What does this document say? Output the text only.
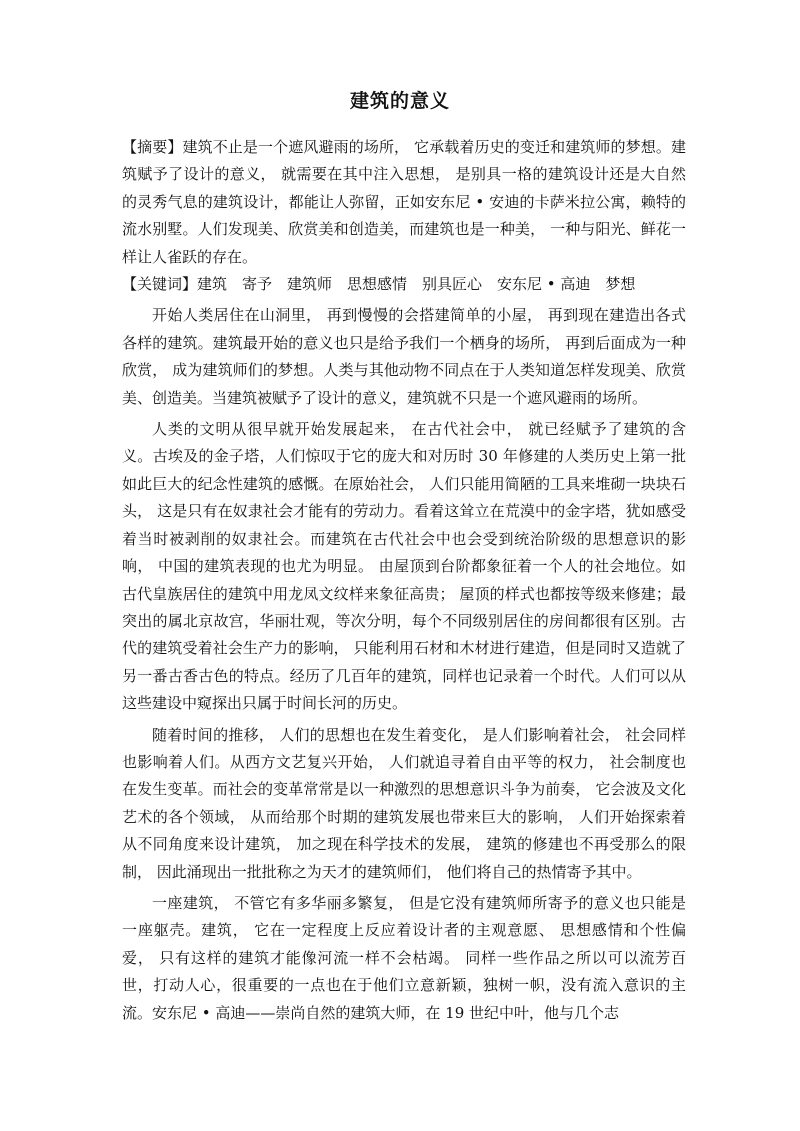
建筑的意义

【摘要】建筑不止是一个遮风避雨的场所， 它承载着历史的变迁和建筑师的梦想。建筑赋予了设计的意义， 就需要在其中注入思想， 是别具一格的建筑设计还是大自然的灵秀气息的建筑设计，都能让人弥留，正如安东尼 • 安迪的卡萨米拉公寓，赖特的流水别墅。人们发现美、欣赏美和创造美，而建筑也是一种美， 一种与阳光、鲜花一样让人雀跃的存在。

【关键词】建筑　寄予　建筑师　思想感情　别具匠心　安东尼 • 高迪　梦想

开始人类居住在山洞里， 再到慢慢的会搭建简单的小屋， 再到现在建造出各式各样的建筑。建筑最开始的意义也只是给予我们一个栖身的场所， 再到后面成为一种欣赏， 成为建筑师们的梦想。人类与其他动物不同点在于人类知道怎样发现美、欣赏美、创造美。当建筑被赋予了设计的意义，建筑就不只是一个遮风避雨的场所。

人类的文明从很早就开始发展起来， 在古代社会中， 就已经赋予了建筑的含义。古埃及的金子塔，人们惊叹于它的庞大和对历时 30 年修建的人类历史上第一批如此巨大的纪念性建筑的感慨。在原始社会， 人们只能用简陋的工具来堆砌一块块石头， 这是只有在奴隶社会才能有的劳动力。看着这耸立在荒漠中的金字塔，犹如感受着当时被剥削的奴隶社会。而建筑在古代社会中也会受到统治阶级的思想意识的影响， 中国的建筑表现的也尤为明显。 由屋顶到台阶都象征着一个人的社会地位。如古代皇族居住的建筑中用龙凤文纹样来象征高贵； 屋顶的样式也都按等级来修建；最突出的属北京故宫，华丽壮观，等次分明，每个不同级别居住的房间都很有区别。古代的建筑受着社会生产力的影响， 只能利用石材和木材进行建造，但是同时又造就了另一番古香古色的特点。经历了几百年的建筑，同样也记录着一个时代。人们可以从这些建设中窥探出只属于时间长河的历史。

随着时间的推移， 人们的思想也在发生着变化， 是人们影响着社会， 社会同样也影响着人们。从西方文艺复兴开始， 人们就追寻着自由平等的权力， 社会制度也在发生变革。而社会的变革常常是以一种激烈的思想意识斗争为前奏， 它会波及文化艺术的各个领域， 从而给那个时期的建筑发展也带来巨大的影响， 人们开始探索着从不同角度来设计建筑， 加之现在科学技术的发展， 建筑的修建也不再受那么的限制， 因此涌现出一批批称之为天才的建筑师们， 他们将自己的热情寄予其中。

一座建筑， 不管它有多华丽多繁复， 但是它没有建筑师所寄予的意义也只能是一座躯壳。建筑， 它在一定程度上反应着设计者的主观意愿、 思想感情和个性偏爱， 只有这样的建筑才能像河流一样不会枯竭。 同样一些作品之所以可以流芳百世，打动人心，很重要的一点也在于他们立意新颖，独树一帜，没有流入意识的主流。安东尼 • 高迪——崇尚自然的建筑大师，在 19 世纪中叶，他与几个志
